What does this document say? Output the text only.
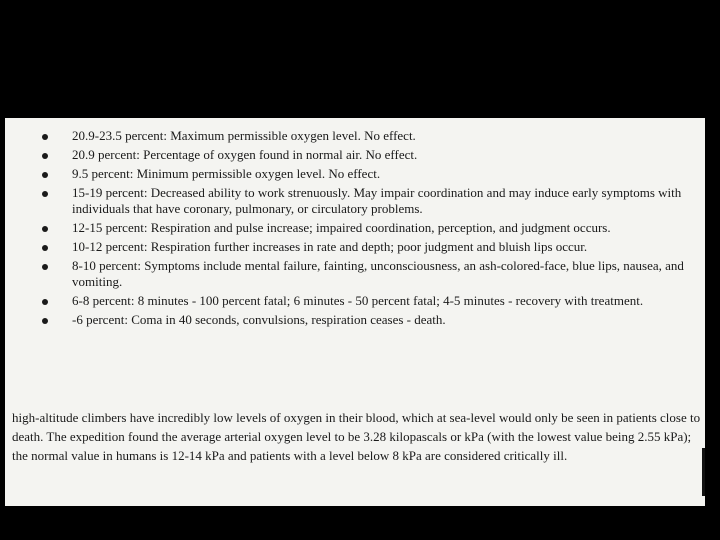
20.9-23.5 percent: Maximum permissible oxygen level. No effect.
20.9 percent: Percentage of oxygen found in normal air. No effect.
9.5 percent: Minimum permissible oxygen level. No effect.
15-19 percent: Decreased ability to work strenuously. May impair coordination and may induce early symptoms with individuals that have coronary, pulmonary, or circulatory problems.
12-15 percent: Respiration and pulse increase; impaired coordination, perception, and judgment occurs.
10-12 percent: Respiration further increases in rate and depth; poor judgment and bluish lips occur.
8-10 percent: Symptoms include mental failure, fainting, unconsciousness, an ash-colored-face, blue lips, nausea, and vomiting.
6-8 percent: 8 minutes - 100 percent fatal; 6 minutes - 50 percent fatal; 4-5 minutes - recovery with treatment.
-6 percent: Coma in 40 seconds, convulsions, respiration ceases - death.

high-altitude climbers have incredibly low levels of oxygen in their blood, which at sea-level would only be seen in patients close to death. The expedition found the average arterial oxygen level to be 3.28 kilopascals or kPa (with the lowest value being 2.55 kPa); the normal value in humans is 12-14 kPa and patients with a level below 8 kPa are considered critically ill.
